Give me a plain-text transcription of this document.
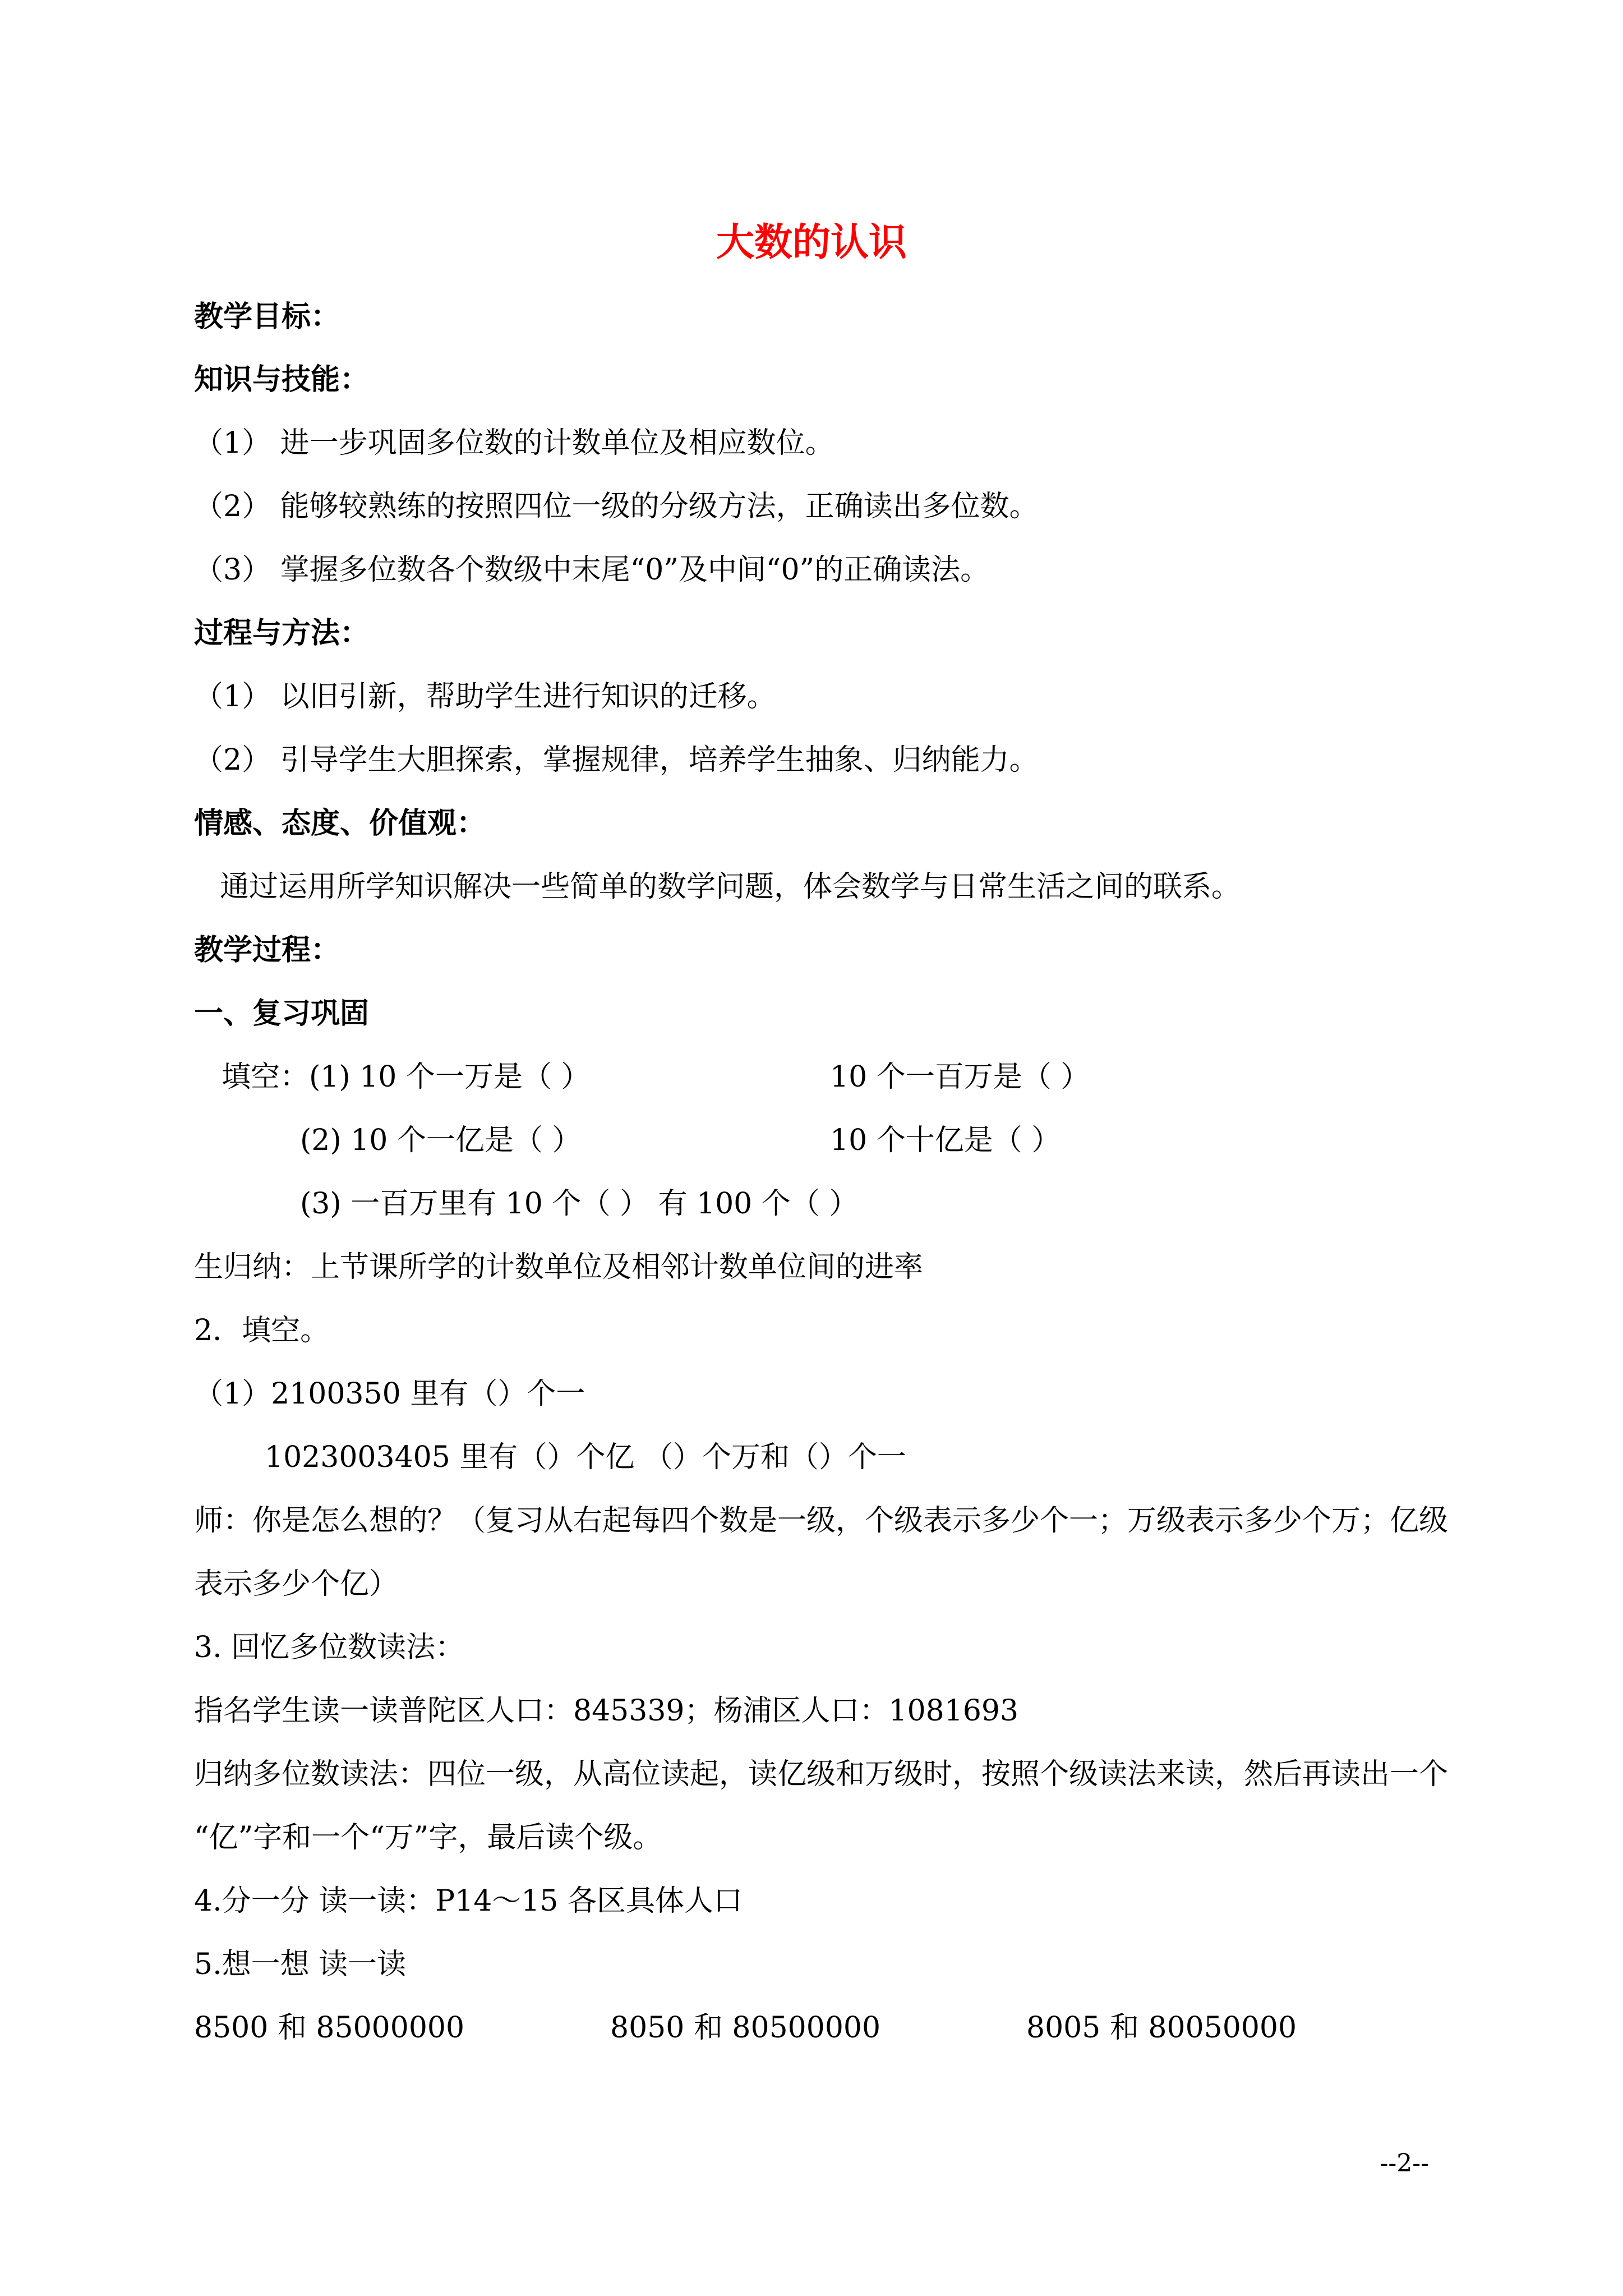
大数的认识

教学目标：

知识与技能：

（1） 进一步巩固多位数的计数单位及相应数位。

（2） 能够较熟练的按照四位一级的分级方法，正确读出多位数。

（3） 掌握多位数各个数级中末尾“0”及中间“0”的正确读法。

过程与方法：

（1） 以旧引新，帮助学生进行知识的迁移。

（2） 引导学生大胆探索，掌握规律，培养学生抽象、归纳能力。

情感、态度、价值观：

通过运用所学知识解决一些简单的数学问题，体会数学与日常生活之间的联系。

教学过程：

一、复习巩固

填空：(1) 10 个一万是（ ）	10 个一百万是（ ）

(2) 10 个一亿是（ ）	10 个十亿是（ ）

(3) 一百万里有 10 个（ ） 有 100 个（ ）

生归纳：上节课所学的计数单位及相邻计数单位间的进率

2．填空。

（1）2100350 里有（）个一

1023003405 里有（）个亿 （）个万和（）个一

师：你是怎么想的？（复习从右起每四个数是一级，个级表示多少个一；万级表示多少个万；亿级

表示多少个亿）

3. 回忆多位数读法：

指名学生读一读普陀区人口：845339；杨浦区人口：1081693

归纳多位数读法：四位一级，从高位读起，读亿级和万级时，按照个级读法来读，然后再读出一个

“亿”字和一个“万”字，最后读个级。

4.分一分 读一读：P14～15 各区具体人口

5.想一想 读一读

8500 和 85000000	8050 和 80500000	8005 和 80050000

--2--
